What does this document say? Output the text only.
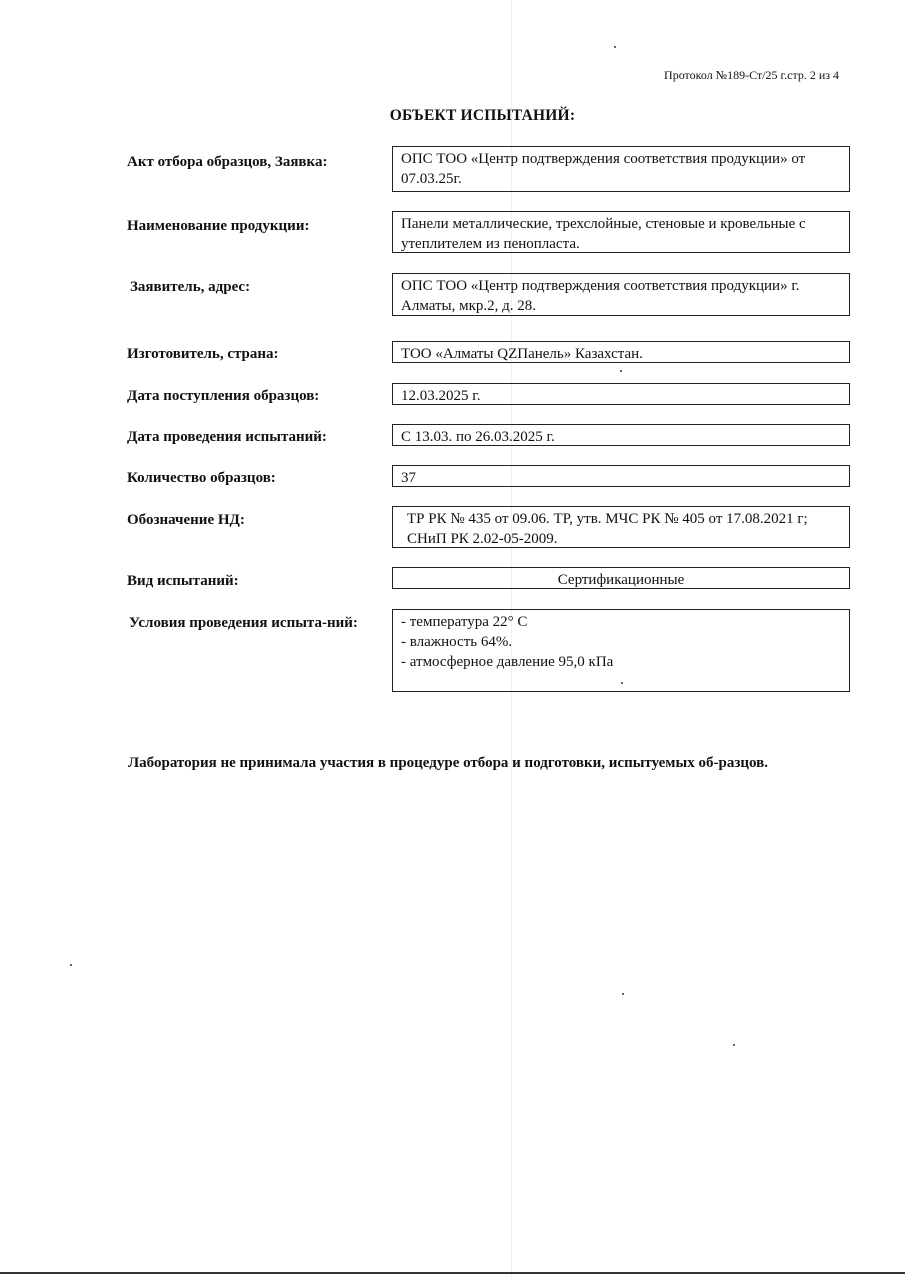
Протокол №189-Ст/25 г.стр. 2 из 4
ОБЪЕКТ ИСПЫТАНИЙ:
Акт отбора образцов, Заявка:	ОПС ТОО «Центр подтверждения соответствия продукции» от 07.03.25г.
Наименование продукции:	Панели металлические, трехслойные, стеновые и кровельные с утеплителем из пенопласта.
Заявитель, адрес:	ОПС ТОО «Центр подтверждения соответствия продукции» г. Алматы, мкр.2, д. 28.
Изготовитель, страна:	ТОО «Алматы QZПанель» Казахстан.
Дата поступления образцов:	12.03.2025 г.
Дата проведения испытаний:	С 13.03. по 26.03.2025 г.
Количество образцов:	37
Обозначение НД:	ТР РК № 435 от 09.06. ТР, утв. МЧС РК № 405 от 17.08.2021 г; СНиП РК 2.02-05-2009.
Вид испытаний:	Сертификационные
Условия проведения испыта-ний:	- температура 22° С
- влажность 64%.
- атмосферное давление 95,0 кПа
Лаборатория не принимала участия в процедуре отбора и подготовки, испытуемых об-разцов.
